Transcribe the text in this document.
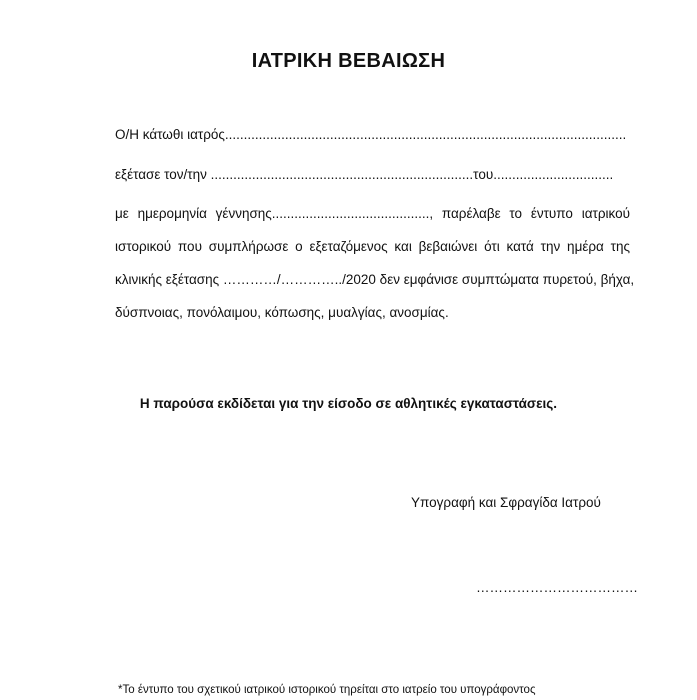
ΙΑΤΡΙΚΗ ΒΕΒΑΙΩΣΗ
Ο/Η κάτωθι ιατρός...........................................................................................................
εξέτασε τον/την ......................................................................του................................
με ημερομηνία γέννησης.........................................., παρέλαβε το έντυπο ιατρικού
ιστορικού που συμπλήρωσε ο εξεταζόμενος και βεβαιώνει ότι κατά την ημέρα της
κλινικής εξέτασης …………/…………../2020 δεν εμφάνισε συμπτώματα πυρετού, βήχα,
δύσπνοιας, πονόλαιμου, κόπωσης, μυαλγίας, ανοσμίας.
Η παρούσα εκδίδεται για την είσοδο σε αθλητικές εγκαταστάσεις.
Υπογραφή και Σφραγίδα Ιατρού
………………………………
*Το έντυπο του σχετικού ιατρικού ιστορικού τηρείται στο ιατρείο του υπογράφοντος
